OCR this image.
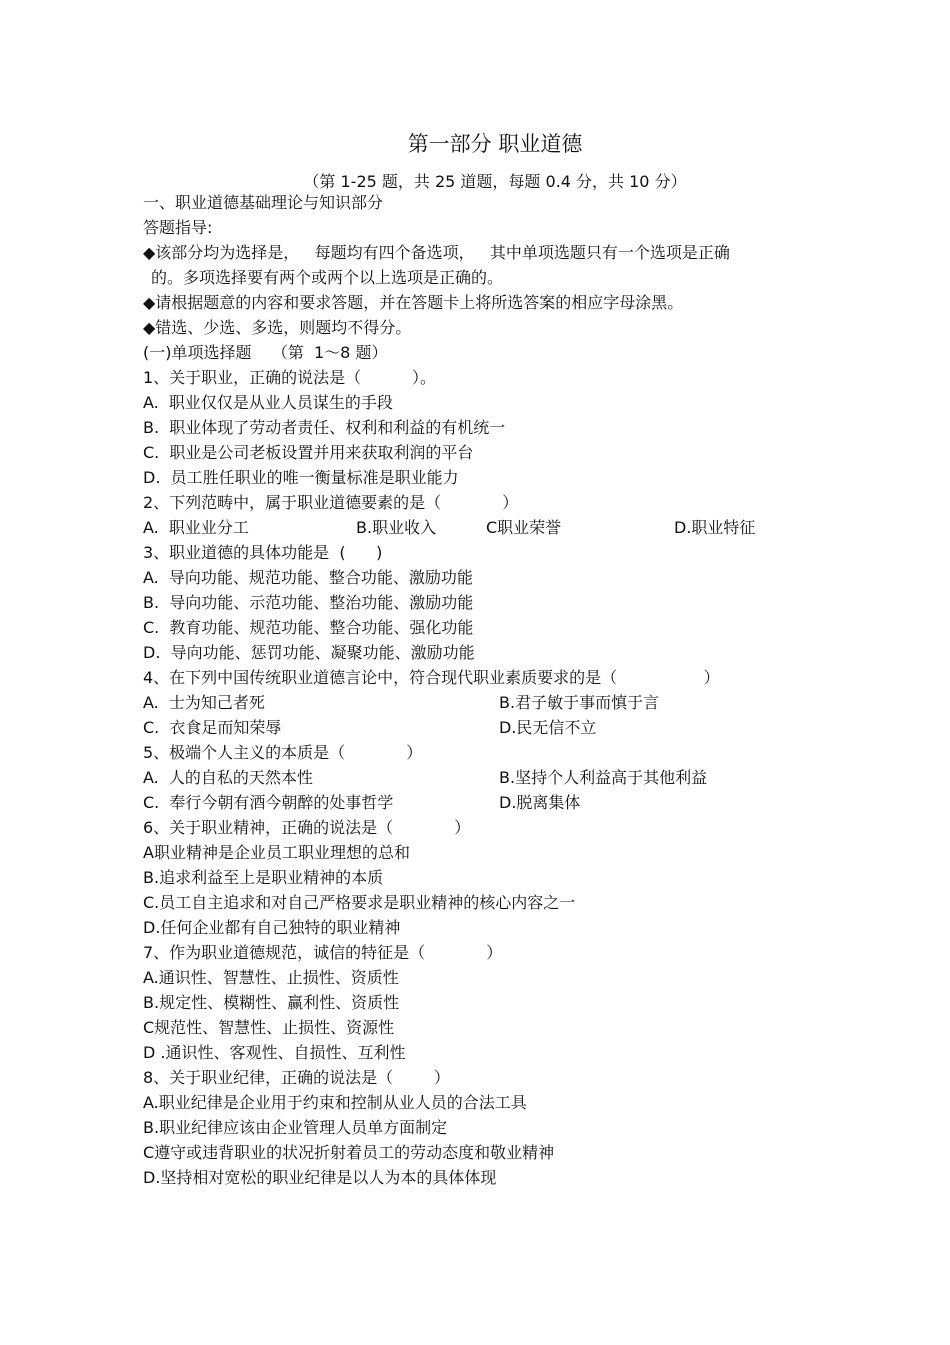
第一部分 职业道德
（第 1-25 题，共 25 道题，每题 0.4 分，共 10 分）
一、职业道德基础理论与知识部分
答题指导:
◆该部分均为选择是，   每题均有四个备选项，   其中单项选题只有一个选项是正确
的。多项选择要有两个或两个以上选项是正确的。
◆请根据题意的内容和要求答题，并在答题卡上将所选答案的相应字母涂黑。
◆错选、少选、多选，则题均不得分。
(一)单项选择题    （第  1～8 题）
1、关于职业，正确的说法是（          ）。
A.  职业仅仅是从业人员谋生的手段
B.  职业体现了劳动者责任、权利和利益的有机统一
C.  职业是公司老板设置并用来获取利润的平台
D.  员工胜任职业的唯一衡量标准是职业能力
2、下列范畴中，属于职业道德要素的是（            ）
A.  职业业分工	B.职业收入	C职业荣誉	D.职业特征
3、职业道德的具体功能是  (      )
A.  导向功能、规范功能、整合功能、激励功能
B.  导向功能、示范功能、整治功能、激励功能
C.  教育功能、规范功能、整合功能、强化功能
D.  导向功能、惩罚功能、凝聚功能、激励功能
4、在下列中国传统职业道德言论中，符合现代职业素质要求的是（                 ）
A.  士为知己者死	B.君子敏于事而慎于言
C.  衣食足而知荣辱	D.民无信不立
5、极端个人主义的本质是（            ）
A.  人的自私的天然本性	B.坚持个人利益高于其他利益
C.  奉行今朝有酒今朝醉的处事哲学	D.脱离集体
6、关于职业精神，正确的说法是（            ）
A职业精神是企业员工职业理想的总和
B.追求利益至上是职业精神的本质
C.员工自主追求和对自己严格要求是职业精神的核心内容之一
D.任何企业都有自己独特的职业精神
7、作为职业道德规范，诚信的特征是（            ）
A.通识性、智慧性、止损性、资质性
B.规定性、模糊性、赢利性、资质性
C规范性、智慧性、止损性、资源性
D .通识性、客观性、自损性、互利性
8、关于职业纪律，正确的说法是（        ）
A.职业纪律是企业用于约束和控制从业人员的合法工具
B.职业纪律应该由企业管理人员单方面制定
C遵守或违背职业的状况折射着员工的劳动态度和敬业精神
D.坚持相对宽松的职业纪律是以人为本的具体体现
